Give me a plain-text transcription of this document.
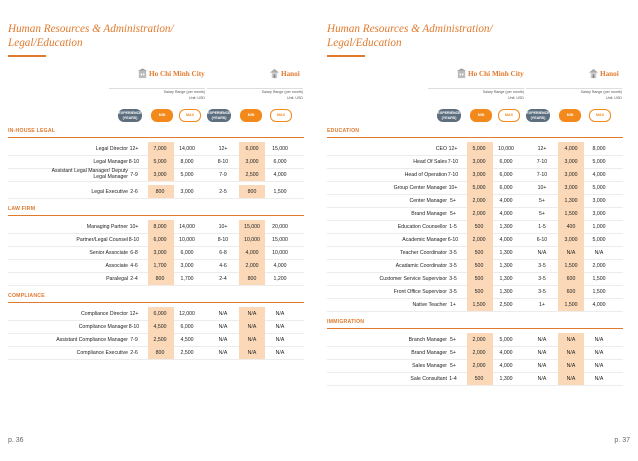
Human Resources & Administration/
Legal/Education
Ho Chi Minh City
Salary Range (per month)
Unit: USD
EXPERIENCE
(YEARS)
MIN	MAX
Hanoi
Salary Range (per month)
Unit: USD
EXPERIENCE
(YEARS)
MIN	MAX
IN-HOUSE LEGAL
Legal Director 12+	7,000	14,000	12+	6,000	15,000
Legal Manager 8-10	5,000	8,000	8-10	3,000	6,000
Assistant Legal Manager/ Deputy Legal Manager 7-9	3,000	5,000	7-9	2,500	4,000
Legal Executive 2-6	800	3,000	2-5	800	1,500
LAW FIRM
Managing Partner 10+	8,000	14,000	10+	15,000	20,000
Partner/Legal Counsel 8-10	6,000	10,000	8-10	10,000	15,000
Senior Associate 6-8	3,000	6,000	6-8	4,000	10,000
Associate 4-6	1,700	3,000	4-6	2,000	4,000
Paralegal 2-4	800	1,700	2-4	800	1,200
COMPLIANCE
Compliance Director 12+	6,000	12,000	N/A	N/A	N/A
Compliance Manager 8-10	4,500	6,000	N/A	N/A	N/A
Assistant Compliance Manager 7-9	2,500	4,500	N/A	N/A	N/A
Compliance Executive 2-6	800	2,500	N/A	N/A	N/A
p. 36
Human Resources & Administration/
Legal/Education
Ho Chi Minh City
Salary Range (per month)
Unit: USD
EXPERIENCE
(YEARS)
MIN	MAX
Hanoi
Salary Range (per month)
Unit: USD
EXPERIENCE
(YEARS)
MIN	MAX
EDUCATION
CEO 12+	5,000	10,000	12+	4,000	8,000
Head Of Sales 7-10	3,000	6,000	7-10	3,000	5,000
Head of Operation 7-10	3,000	6,000	7-10	3,000	4,000
Group Center Manager 10+	5,000	6,000	10+	3,000	5,000
Center Manager 5+	2,000	4,000	5+	1,300	3,000
Brand Manager 5+	2,000	4,000	5+	1,500	3,000
Education Counsellor 1-5	500	1,300	1-5	400	1,000
Academic Manager 6-10	2,000	4,000	6-10	3,000	5,000
Teacher Coordinator 3-5	500	1,300	N/A	N/A	N/A
Acadamic Coordinator 3-5	500	1,300	3-5	1,500	2,000
Customer Service Supervisor 3-5	500	1,300	3-5	600	1,500
Front Office Supervisor 3-5	500	1,300	3-5	600	1,500
Native Teacher 1+	1,500	2,500	1+	1,500	4,000
IMMIGRATION
Branch Manager 5+	2,000	5,000	N/A	N/A	N/A
Brand Manager 5+	2,000	4,000	N/A	N/A	N/A
Sales Manager 5+	2,000	4,000	N/A	N/A	N/A
Sale Consultant 1-4	500	1,300	N/A	N/A	N/A
p. 37
